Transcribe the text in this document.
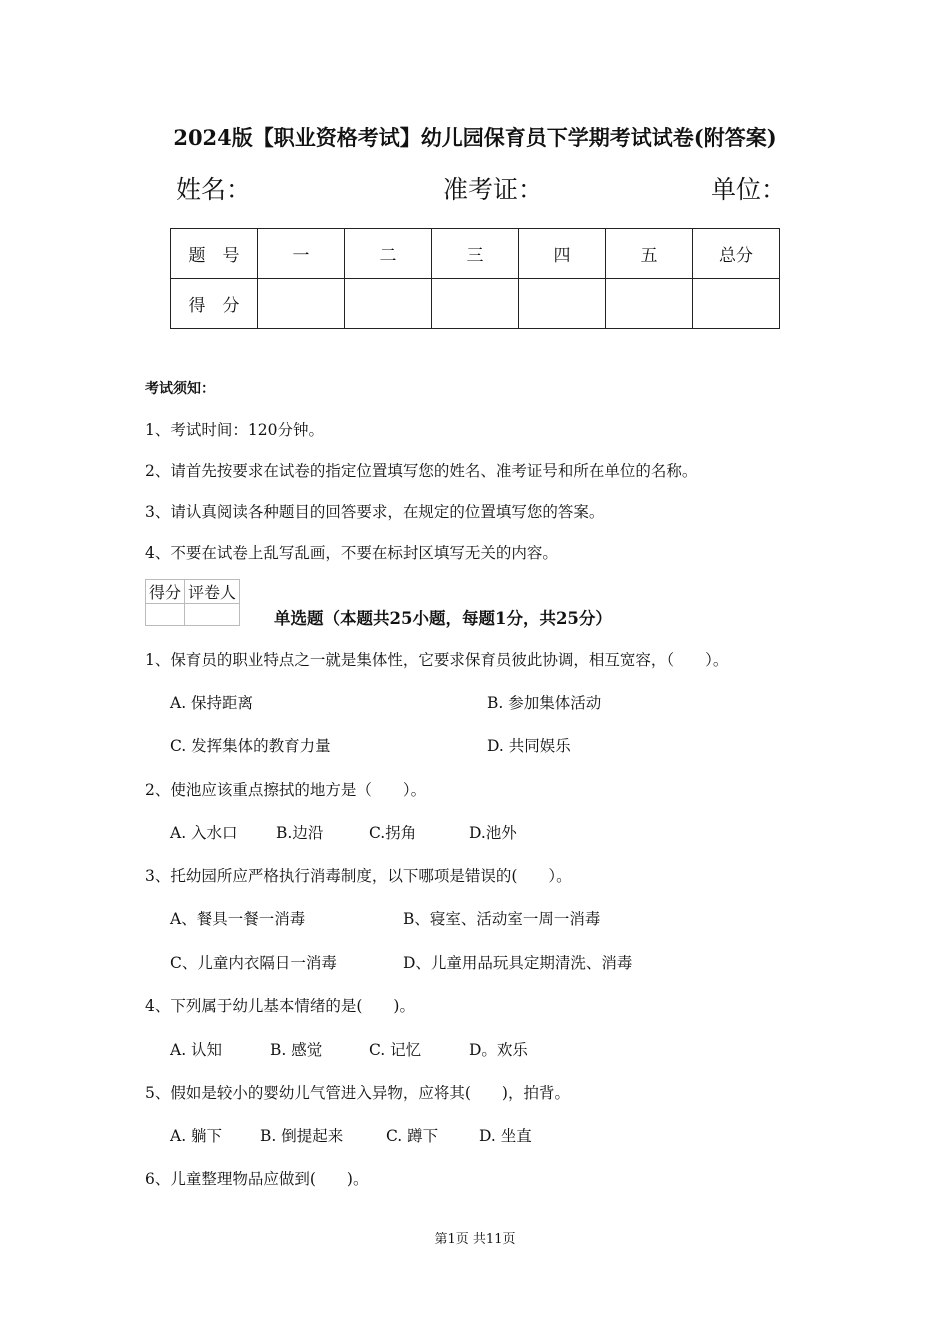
2024版【职业资格考试】幼儿园保育员下学期考试试卷(附答案)
姓名：	准考证：	单位：
题　号	一	二	三	四	五	总分
得　分						
考试须知：
1、考试时间：120分钟。
2、请首先按要求在试卷的指定位置填写您的姓名、准考证号和所在单位的名称。
3、请认真阅读各种题目的回答要求，在规定的位置填写您的答案。
4、不要在试卷上乱写乱画，不要在标封区填写无关的内容。
得分	评卷人

单选题（本题共25小题，每题1分，共25分）
1、保育员的职业特点之一就是集体性，它要求保育员彼此协调，相互宽容，（　　）。
A. 保持距离	B. 参加集体活动
C. 发挥集体的教育力量	D. 共同娱乐
2、使池应该重点擦拭的地方是（　　）。
A. 入水口 B.边沿	C.拐角	D.池外
3、托幼园所应严格执行消毒制度，以下哪项是错误的(　　）。
A、餐具一餐一消毒	B、寝室、活动室一周一消毒
C、儿童内衣隔日一消毒	D、儿童用品玩具定期清洗、消毒
4、下列属于幼儿基本情绪的是(　　)。
A. 认知	B. 感觉	C. 记忆	D。欢乐
5、假如是较小的婴幼儿气管进入异物，应将其(　　)，拍背。
A. 躺下 B. 倒提起来	C. 蹲下	D. 坐直
6、儿童整理物品应做到(　　)。
第1页 共11页
